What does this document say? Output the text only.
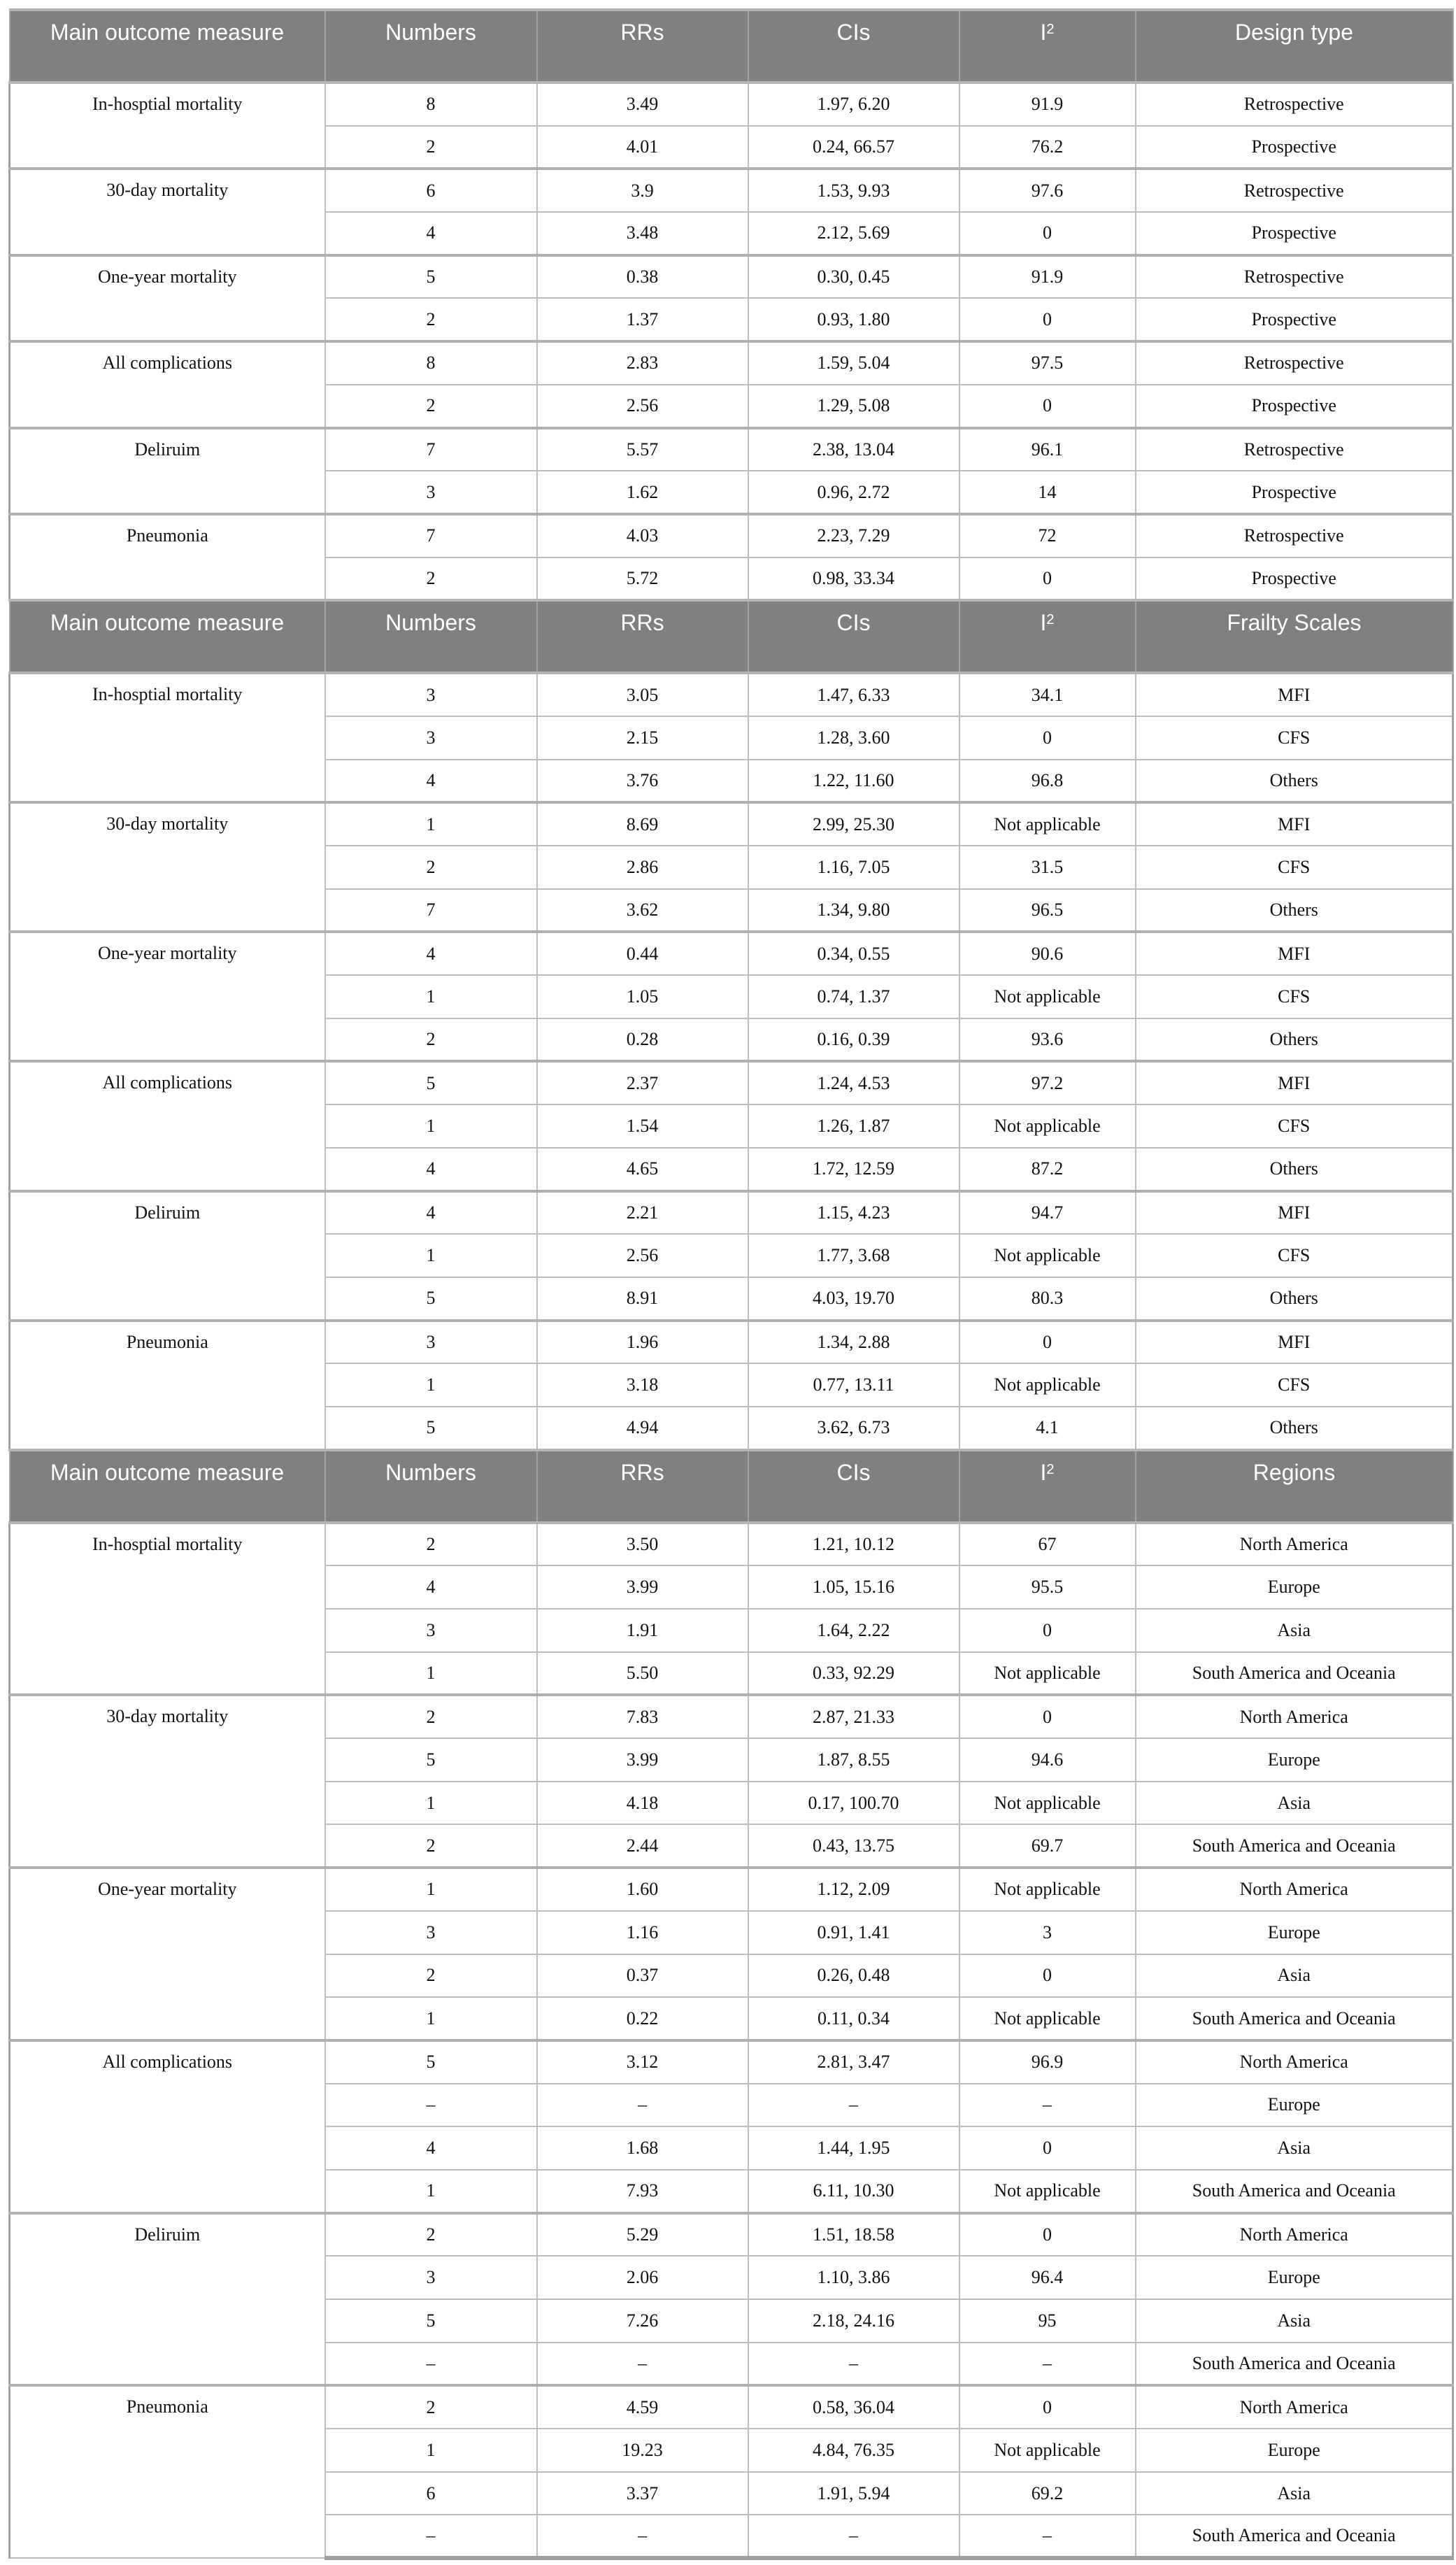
Main outcome measure	Numbers	RRs	CIs	$I^2$	Design type
In-hosptial mortality	8	3.49	1.97, 6.20	91.9	Retrospective
	2	4.01	0.24, 66.57	76.2	Prospective
30-day mortality	6	3.9	1.53, 9.93	97.6	Retrospective
	4	3.48	2.12, 5.69	0	Prospective
One-year mortality	5	0.38	0.30, 0.45	91.9	Retrospective
	2	1.37	0.93, 1.80	0	Prospective
All complications	8	2.83	1.59, 5.04	97.5	Retrospective
	2	2.56	1.29, 5.08	0	Prospective
Deliruim	7	5.57	2.38, 13.04	96.1	Retrospective
	3	1.62	0.96, 2.72	14	Prospective
Pneumonia	7	4.03	2.23, 7.29	72	Retrospective
	2	5.72	0.98, 33.34	0	Prospective
Main outcome measure	Numbers	RRs	CIs	$I^2$	Frailty Scales
In-hosptial mortality	3	3.05	1.47, 6.33	34.1	MFI
	3	2.15	1.28, 3.60	0	CFS
	4	3.76	1.22, 11.60	96.8	Others
30-day mortality	1	8.69	2.99, 25.30	Not applicable	MFI
	2	2.86	1.16, 7.05	31.5	CFS
	7	3.62	1.34, 9.80	96.5	Others
One-year mortality	4	0.44	0.34, 0.55	90.6	MFI
	1	1.05	0.74, 1.37	Not applicable	CFS
	2	0.28	0.16, 0.39	93.6	Others
All complications	5	2.37	1.24, 4.53	97.2	MFI
	1	1.54	1.26, 1.87	Not applicable	CFS
	4	4.65	1.72, 12.59	87.2	Others
Deliruim	4	2.21	1.15, 4.23	94.7	MFI
	1	2.56	1.77, 3.68	Not applicable	CFS
	5	8.91	4.03, 19.70	80.3	Others
Pneumonia	3	1.96	1.34, 2.88	0	MFI
	1	3.18	0.77, 13.11	Not applicable	CFS
	5	4.94	3.62, 6.73	4.1	Others
Main outcome measure	Numbers	RRs	CIs	$I^2$	Regions
In-hosptial mortality	2	3.50	1.21, 10.12	67	North America
	4	3.99	1.05, 15.16	95.5	Europe
	3	1.91	1.64, 2.22	0	Asia
	1	5.50	0.33, 92.29	Not applicable	South America and Oceania
30-day mortality	2	7.83	2.87, 21.33	0	North America
	5	3.99	1.87, 8.55	94.6	Europe
	1	4.18	0.17, 100.70	Not applicable	Asia
	2	2.44	0.43, 13.75	69.7	South America and Oceania
One-year mortality	1	1.60	1.12, 2.09	Not applicable	North America
	3	1.16	0.91, 1.41	3	Europe
	2	0.37	0.26, 0.48	0	Asia
	1	0.22	0.11, 0.34	Not applicable	South America and Oceania
All complications	5	3.12	2.81, 3.47	96.9	North America
	–	–	–	–	Europe
	4	1.68	1.44, 1.95	0	Asia
	1	7.93	6.11, 10.30	Not applicable	South America and Oceania
Deliruim	2	5.29	1.51, 18.58	0	North America
	3	2.06	1.10, 3.86	96.4	Europe
	5	7.26	2.18, 24.16	95	Asia
	–	–	–	–	South America and Oceania
Pneumonia	2	4.59	0.58, 36.04	0	North America
	1	19.23	4.84, 76.35	Not applicable	Europe
	6	3.37	1.91, 5.94	69.2	Asia
	–	–	–	–	South America and Oceania
